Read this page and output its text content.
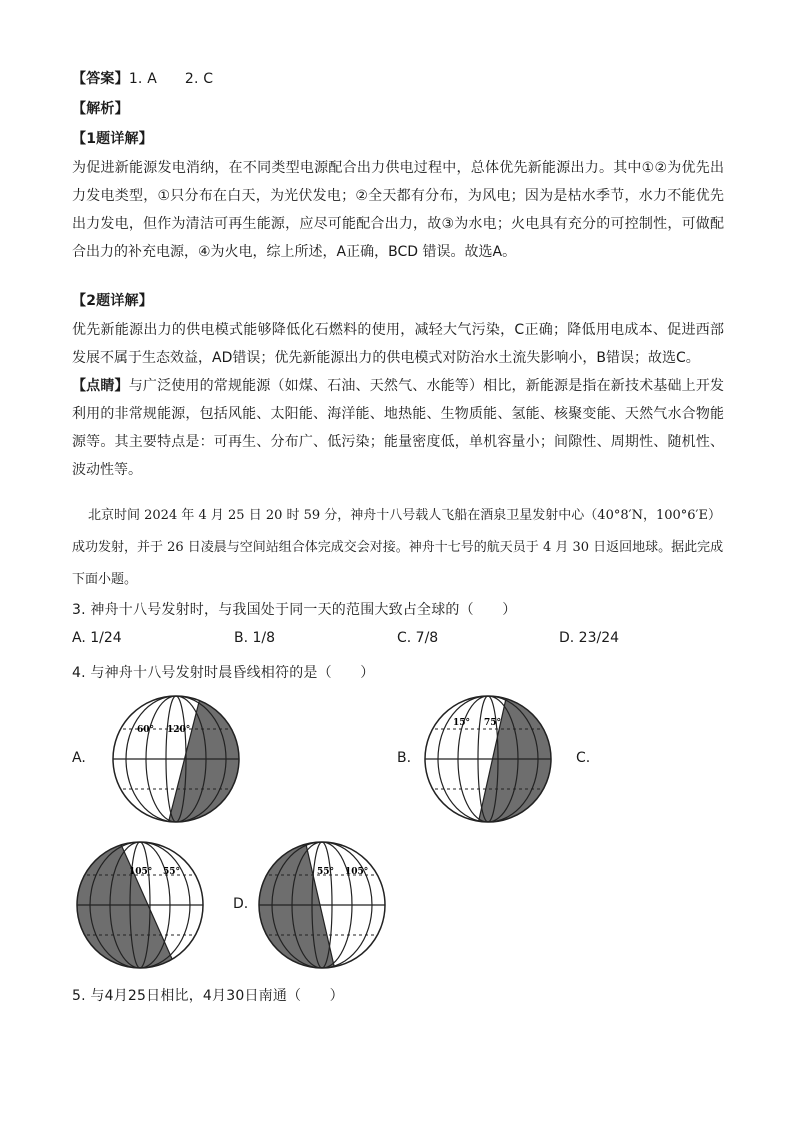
【答案】1. A      2. C
【解析】
【1题详解】
为促进新能源发电消纳，在不同类型电源配合出力供电过程中，总体优先新能源出力。其中①②为优先出力发电类型，①只分布在白天，为光伏发电；②全天都有分布，为风电；因为是枯水季节，水力不能优先出力发电，但作为清洁可再生能源，应尽可能配合出力，故③为水电；火电具有充分的可控制性，可做配合出力的补充电源，④为火电，综上所述，A正确，BCD 错误。故选A。
【2题详解】
优先新能源出力的供电模式能够降低化石燃料的使用，减轻大气污染，C正确；降低用电成本、促进西部发展不属于生态效益，AD错误；优先新能源出力的供电模式对防治水土流失影响小，B错误；故选C。
【点睛】与广泛使用的常规能源（如煤、石油、天然气、水能等）相比，新能源是指在新技术基础上开发利用的非常规能源，包括风能、太阳能、海洋能、地热能、生物质能、氢能、核聚变能、天然气水合物能源等。其主要特点是：可再生、分布广、低污染；能量密度低，单机容量小；间隙性、周期性、随机性、波动性等。
北京时间 2024 年 4 月 25 日 20 时 59 分，神舟十八号载人飞船在酒泉卫星发射中心（40°8′N，100°6′E）成功发射，并于 26 日凌晨与空间站组合体完成交会对接。神舟十七号的航天员于 4 月 30 日返回地球。据此完成下面小题。
3. 神舟十八号发射时，与我国处于同一天的范围大致占全球的（　　）
A. 1/24	B. 1/8	C. 7/8	D. 23/24
4. 与神舟十八号发射时晨昏线相符的是（　　）
A.	B.	C.
D.
60° 120°
15° 75°
105° 55°	55° 105°
5. 与4月25日相比，4月30日南通（　　）
